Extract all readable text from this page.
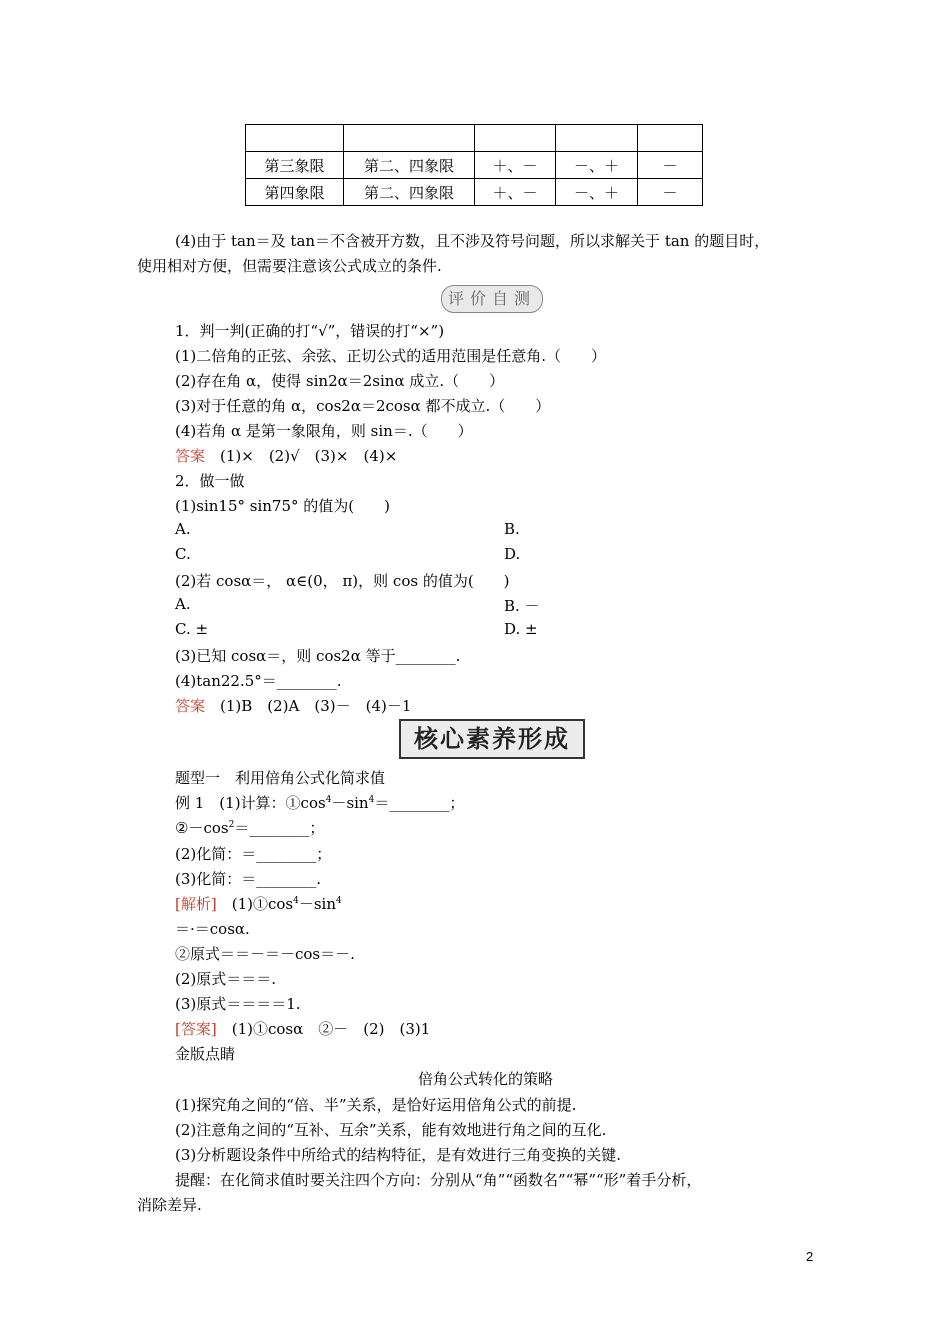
第三象限	第二、四象限	＋、－	－、＋	－
第四象限	第二、四象限	＋、－	－、＋	－
(4)由于 tan＝及 tan＝不含被开方数，且不涉及符号问题，所以求解关于 tan 的题目时，
使用相对方便，但需要注意该公式成立的条件.
评价自测
1．判一判(正确的打“√”，错误的打“×”)
(1)二倍角的正弦、余弦、正切公式的适用范围是任意角.（　　）
(2)存在角 α，使得 sin2α＝2sinα 成立.（　　）
(3)对于任意的角 α，cos2α＝2cosα 都不成立.（　　）
(4)若角 α 是第一象限角，则 sin＝.（　　）
答案　(1)×　(2)√　(3)×　(4)×
2．做一做
(1)sin15° sin75° 的值为(　　)
A.	B.
C.	D.
(2)若 cosα＝， α∈(0， π)，则 cos 的值为(　　)
A.	B. －
C. ±	D. ±
(3)已知 cosα＝，则 cos2α 等于________.
(4)tan22.5°＝________.
答案　(1)B　(2)A　(3)－　(4)－1
核心素养形成
题型一　利用倍角公式化简求值
例 1　(1)计算：$①\cos^4-\sin^4=\_\_\_\_\_\_\_\_$；
$②-\cos^2=\_\_\_\_\_\_\_\_$；
(2)化简：＝________；
(3)化简：＝________.
[解析]　$(1)①\cos^4-\sin^4$
＝·＝cosα.
②原式＝＝－＝－cos＝－.
(2)原式＝＝＝.
(3)原式＝＝＝＝1.
[答案]　(1)①cosα　②－　(2)　(3)1
金版点睛
倍角公式转化的策略
(1)探究角之间的“倍、半”关系，是恰好运用倍角公式的前提.
(2)注意角之间的“互补、互余”关系，能有效地进行角之间的互化.
(3)分析题设条件中所给式的结构特征，是有效进行三角变换的关键.
提醒：在化简求值时要关注四个方向：分别从“角”“函数名”“幂”“形”着手分析，
消除差异.
2
